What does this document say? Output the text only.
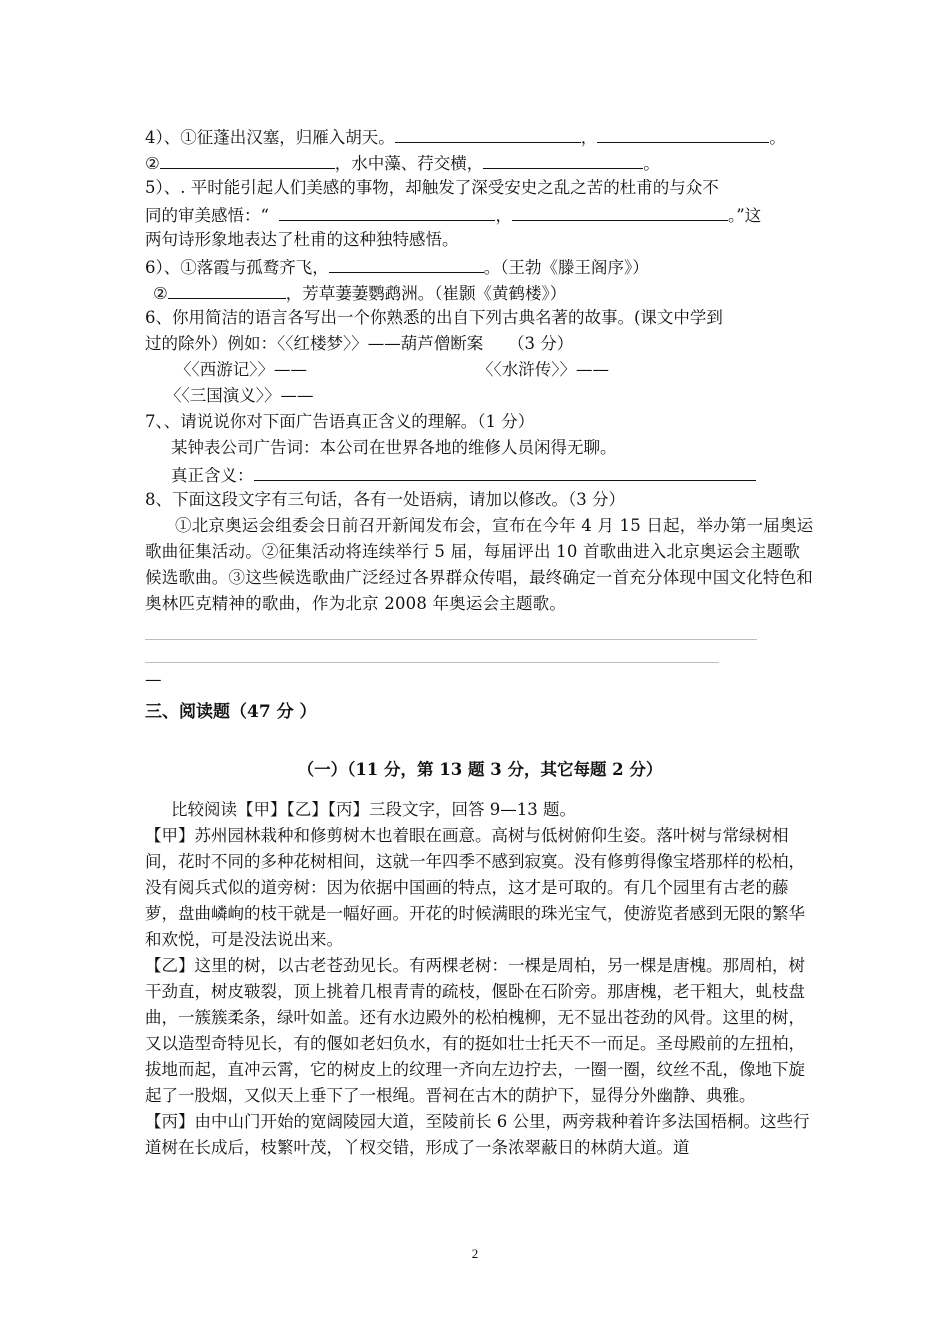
4）、①征蓬出汉塞，归雁入胡天。	，	。
②	，水中藻、荇交横，	。
5）、. 平时能引起人们美感的事物，却触发了深受安史之乱之苦的杜甫的与众不
同的审美感悟：“	，	。”这
两句诗形象地表达了杜甫的这种独特感悟。
6）、①落霞与孤鹜齐飞，	。（王勃《滕王阁序》）
②	，芳草萋萋鹦鹉洲。（崔颢《黄鹤楼》）
6、你用简洁的语言各写出一个你熟悉的出自下列古典名著的故事。(课文中学到
过的除外）例如：〈〈红楼梦〉〉——葫芦僧断案　　（3 分）
〈〈西游记〉〉——	〈〈水浒传〉〉——
〈〈三国演义〉〉——
7、、请说说你对下面广告语真正含义的理解。（1 分）
某钟表公司广告词：本公司在世界各地的维修人员闲得无聊。
真正含义：
8、下面这段文字有三句话，各有一处语病，请加以修改。（3 分）
①北京奥运会组委会日前召开新闻发布会，宣布在今年 4 月 15 日起，举办第一届奥运歌曲征集活动。②征集活动将连续举行 5 届，每届评出 10 首歌曲进入北京奥运会主题歌候选歌曲。③这些候选歌曲广泛经过各界群众传唱，最终确定一首充分体现中国文化特色和奥林匹克精神的歌曲，作为北京 2008 年奥运会主题歌。
—
三、阅读题（47 分 ）
（一）（11 分，第 13 题 3 分，其它每题 2 分）
比较阅读【甲】【乙】【丙】三段文字，回答 9—13 题。
【甲】苏州园林栽种和修剪树木也着眼在画意。高树与低树俯仰生姿。落叶树与常绿树相间，花时不同的多种花树相间，这就一年四季不感到寂寞。没有修剪得像宝塔那样的松柏，没有阅兵式似的道旁树：因为依据中国画的特点，这才是可取的。有几个园里有古老的藤萝，盘曲嶙峋的枝干就是一幅好画。开花的时候满眼的珠光宝气，使游览者感到无限的繁华和欢悦，可是没法说出来。
【乙】这里的树，以古老苍劲见长。有两棵老树：一棵是周柏，另一棵是唐槐。那周柏，树干劲直，树皮皲裂，顶上挑着几根青青的疏枝，偃卧在石阶旁。那唐槐，老干粗大，虬枝盘曲，一簇簇柔条，绿叶如盖。还有水边殿外的松柏槐柳，无不显出苍劲的风骨。这里的树，又以造型奇特见长，有的偃如老妇负水，有的挺如壮士托天不一而足。圣母殿前的左扭柏，拔地而起，直冲云霄，它的树皮上的纹理一齐向左边拧去，一圈一圈，纹丝不乱，像地下旋起了一股烟，又似天上垂下了一根绳。晋祠在古木的荫护下，显得分外幽静、典雅。
【丙】由中山门开始的宽阔陵园大道，至陵前长 6 公里，两旁栽种着许多法国梧桐。这些行道树在长成后，枝繁叶茂，丫杈交错，形成了一条浓翠蔽日的林荫大道。道
2
